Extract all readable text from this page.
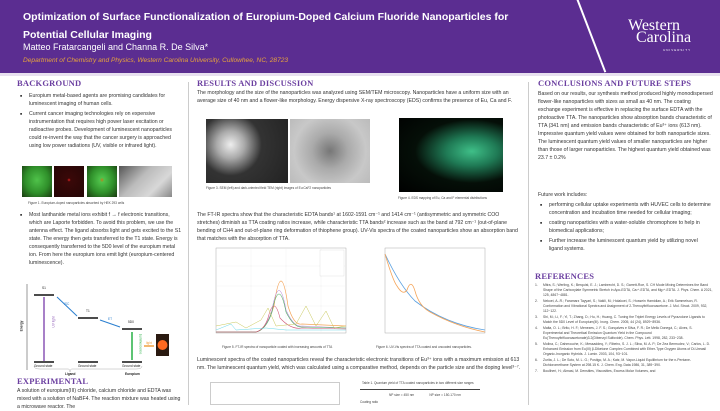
Optimization of Surface Functionalization of Europium-Doped Calcium Fluoride Nanoparticles for
Potential Cellular Imaging
Matteo Fratarcangeli and Channa R. De Silva*
Department of Chemistry and Physics, Western Carolina University, Cullowhee, NC, 28723
Western
Carolina
UNIVERSITY
BACKGROUND
■ Europium metal-based agents are promising candidates for luminescent imaging of human cells.
■ Current cancer imaging technologies rely on expensive instrumentation that requires high power laser excitation or radioactive probes. Development of luminescent nanoparticles could re-invent the way that the cancer surgery is approached using low power radiations (UV, visible or infrared light).
Figure 1. Europium-doped nanoparticles absorbed by HEK 293 cells
■ Most lanthanide metal ions exhibit f → f electronic transitions, which are Laporte forbidden. To avoid this problem, we use the antenna effect. The ligand absorbs light and gets excited to the S1 state. The energy then gets transferred to the T1 state. Energy is consequently transferred to the 5D0 level of the europium metal ion. From here the europium ions emit light (europium-centered luminescence).
S1
T1
5D0
ISC
ET
UV light
Luminescence light
Ground state	Ground state	Ground state
Energy
Ligand	Europium
EXPERIMENTAL
A solution of europium(III) chloride, calcium chloride and EDTA was mixed with a solution of NaBF4. The reaction mixture was heated using a microwave reactor. The
RESULTS AND DISCUSSION
The morphology and the size of the nanoparticles was analyzed using SEM/TEM microscopy. Nanoparticles have a uniform size with an average size of 40 nm and a flower-like morphology. Energy dispersive X-ray spectroscopy (EDS) confirms the presence of Eu, Ca and F.
Figure 3. SEM (left) and dark-oriented field TEM (right) images of Eu:CaF2 nanoparticles
Figure 4. EDS mapping of Eu, Ca and F elemental distributions
The FT-IR spectra show that the characteristic EDTA bands¹ at 1602-1591 cm⁻¹ and 1414 cm⁻¹ (antisymmetric and symmetric COO stretches) diminish as TTA coating ratios increase, while characteristic TTA bands² increase such as the band at 792 cm⁻¹ (out-of-plane bending of CH4 and out-of-plane ring deformation of thiophene group). UV-Vis spectra of the coated nanoparticles show an absorption band that matches with the absorption of TTA.
Figure 5. FT-IR spectra of nanoparticle coated with increasing amounts of TTA	Figure 6. UV-Vis spectra of TTA coated and uncoated nanoparticles.
Luminescent spectra of the coated nanoparticles reveal the characteristic electronic transitions of Eu³⁺ ions with a maximum emission at 613 nm. The luminescent quantum yield, which was calculated using a comparative method, depends on the particle size and the doping level³⁻⁷.
Table 1. Quantum yield of TTA coated nanoparticles in two different size ranges
	NP size = 450 nm	NP size = 150-170 nm
Coating ratio		
CONCLUSIONS AND FUTURE STEPS
Based on our results, our synthesis method produced highly monodispersed flower-like nanoparticles with sizes as small as 40 nm. The coating exchange experiment is effective in replacing the surface EDTA with the photoactive TTA. The nanoparticles show absorption bands characteristic of TTA (341 nm) and emission bands characteristic of Eu³⁺ ions (613 nm). Impressive quantum yield values were obtained for both nanoparticle sizes. The luminescent quantum yield values of smaller nanoparticles are higher than those of larger nanoparticles. The highest quantum yield obtained was 23.7 ± 0.2%
Future work includes:
■ performing cellular uptake experiments with HUVEC cells to determine concentration and incubation time needed for cellular imaging;
■ coating nanoparticles with a water-soluble chromophore to help in biomedical applications;
■ Further increase the luminescent quantum yield by utilizing novel ligand systems.
REFERENCES
1.	Mitra, S.; Werling, K.; Berquist, E. J.; Lambrecht, D. S.; Garrett-Roe, S. CH Mode Mixing Determines the Band Shape of the Carboxylate Symmetric Stretch in Apo-EDTA, Ca²⁺-EDTA, and Mg²⁺-EDTA. J. Phys. Chem. A 2021, 125, 4867−4881.
2.	Nekoei, A.-R.; Faramarz Tayyari, S.; Vakili, M.; Holakoei, S.; Hossein Hamidian, A.; Erik Sammelson, R. Conformation and Vibrational Spectra and Assignment of 2-Thenoyltrifluoroacetone. J. Mol. Struct. 2009, 932, 112−122.
3.	Shi, M.; Li, F.; Yi, T.; Zhang, D.; Hu, H.; Huang, C. Tuning the Triplet Energy Levels of Pyrazolone Ligands to Match the 5D0 Level of Europium(III). Inorg. Chem. 2005, 44 (24), 8929−8936.
4.	Malta, O. L.; Brito, H. F.; Menezes, J. F. S.; Gonçalves e Silva, F. R.; De Mello Donegá, C.; Alves, S. Experimental and Theoretical Emission Quantum Yield in the Compound Eu(Thenoyltrifluoroacetonate)3.2(Dibenzyl Sulfoxide). Chem. Phys. Lett. 1998, 282, 233−238.
5.	Molina, C.; Dahmouche, K.; Messaddeq, Y.; Ribeiro, S. J. L.; Silva, M. A. P.; De Zea Bermudez, V.; Carlos, L. D. Enhanced Emission from Eu(III) β-Diketone Complex Combined with Ether-Type Oxygen Atoms of Di-Ureasil Organic-Inorganic Hybrids. J. Lumin. 2003, 104, 93−101.
6.	Zurita, J. L.; De Soto, M. L. G.; Postigo, M. A.; Katz, M. Vapor-Liquid Equilibrium for the n-Pentane-Dichloromethane System at 298.15 K. J. Chem. Eng. Data 1986, 31, 389−390.
7.	Bouliheri, H.; Almasi, M. Densities, Viscosities, Excess Molar Volumes, and
